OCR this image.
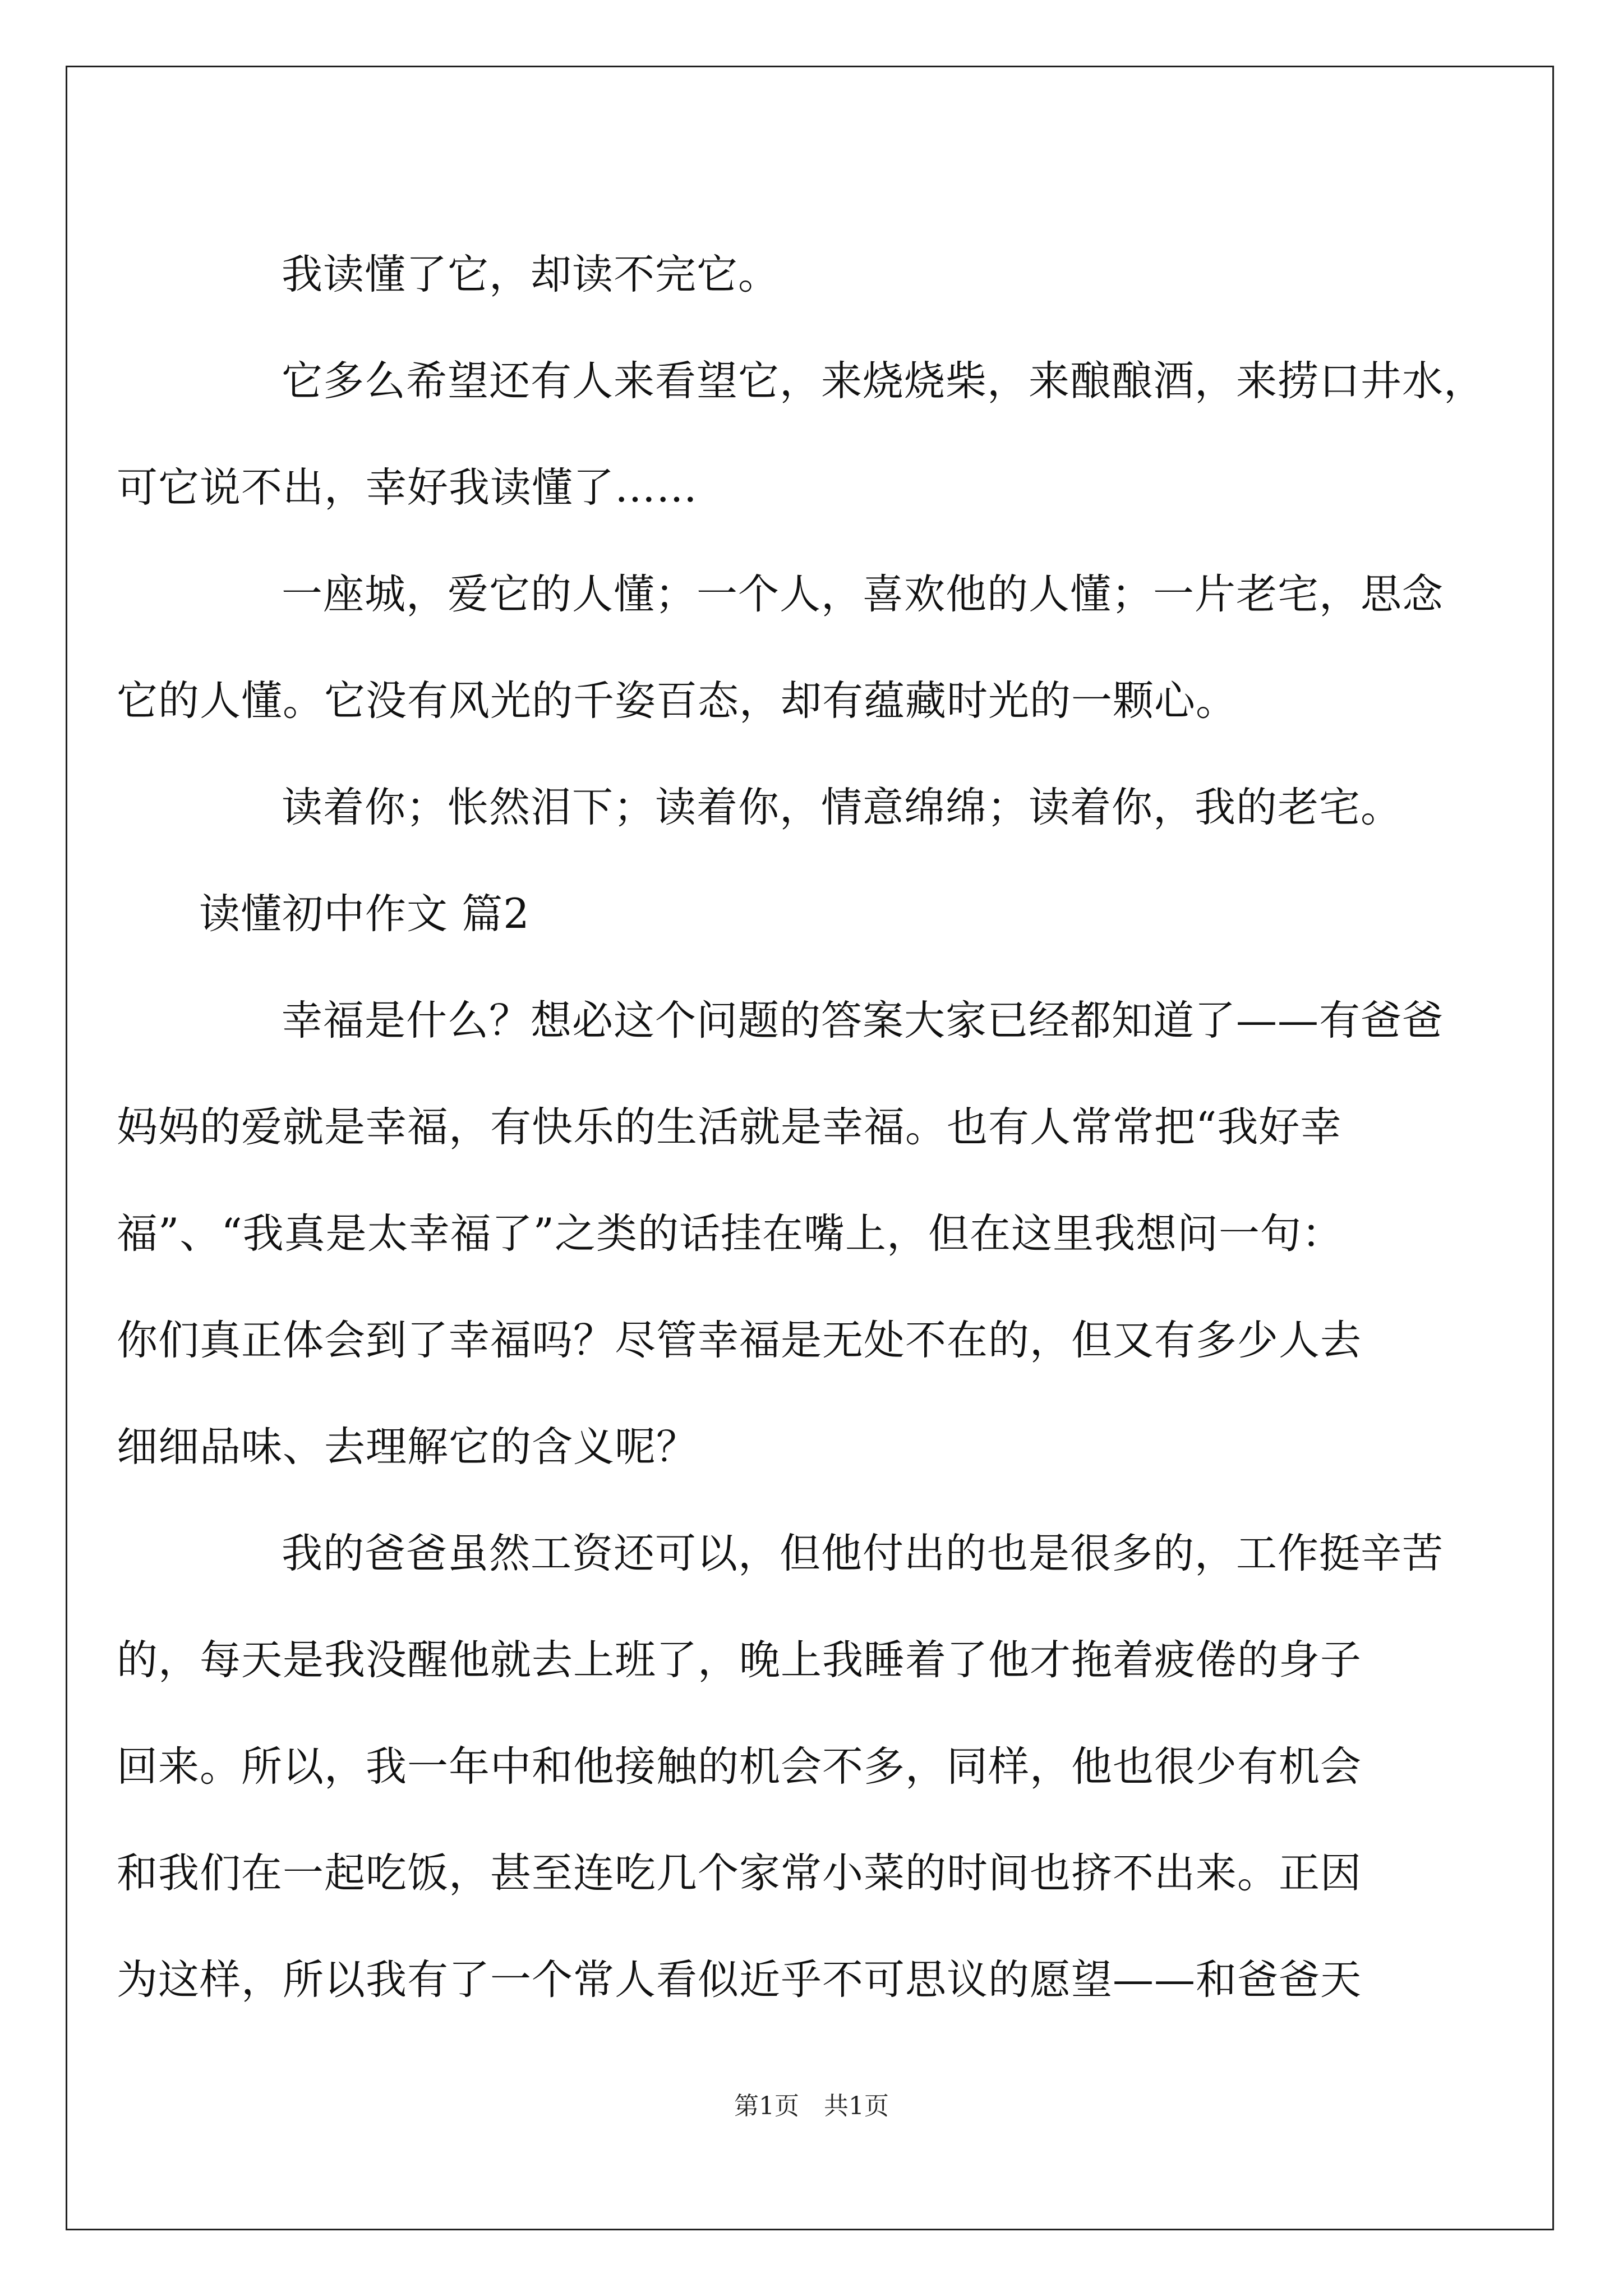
我读懂了它，却读不完它。

它多么希望还有人来看望它，来烧烧柴，来酿酿酒，来捞口井水，
可它说不出，幸好我读懂了……

一座城，爱它的人懂；一个人，喜欢他的人懂；一片老宅，思念
它的人懂。它没有风光的千姿百态，却有蕴藏时光的一颗心。

读着你；怅然泪下；读着你，情意绵绵；读着你，我的老宅。

读懂初中作文 篇2

幸福是什么？想必这个问题的答案大家已经都知道了——有爸爸
妈妈的爱就是幸福，有快乐的生活就是幸福。也有人常常把“我好幸
福”、“我真是太幸福了”之类的话挂在嘴上，但在这里我想问一句：
你们真正体会到了幸福吗？尽管幸福是无处不在的，但又有多少人去
细细品味、去理解它的含义呢？

我的爸爸虽然工资还可以，但他付出的也是很多的，工作挺辛苦
的，每天是我没醒他就去上班了，晚上我睡着了他才拖着疲倦的身子
回来。所以，我一年中和他接触的机会不多，同样，他也很少有机会
和我们在一起吃饭，甚至连吃几个家常小菜的时间也挤不出来。正因
为这样，所以我有了一个常人看似近乎不可思议的愿望——和爸爸天

第1页　共1页
